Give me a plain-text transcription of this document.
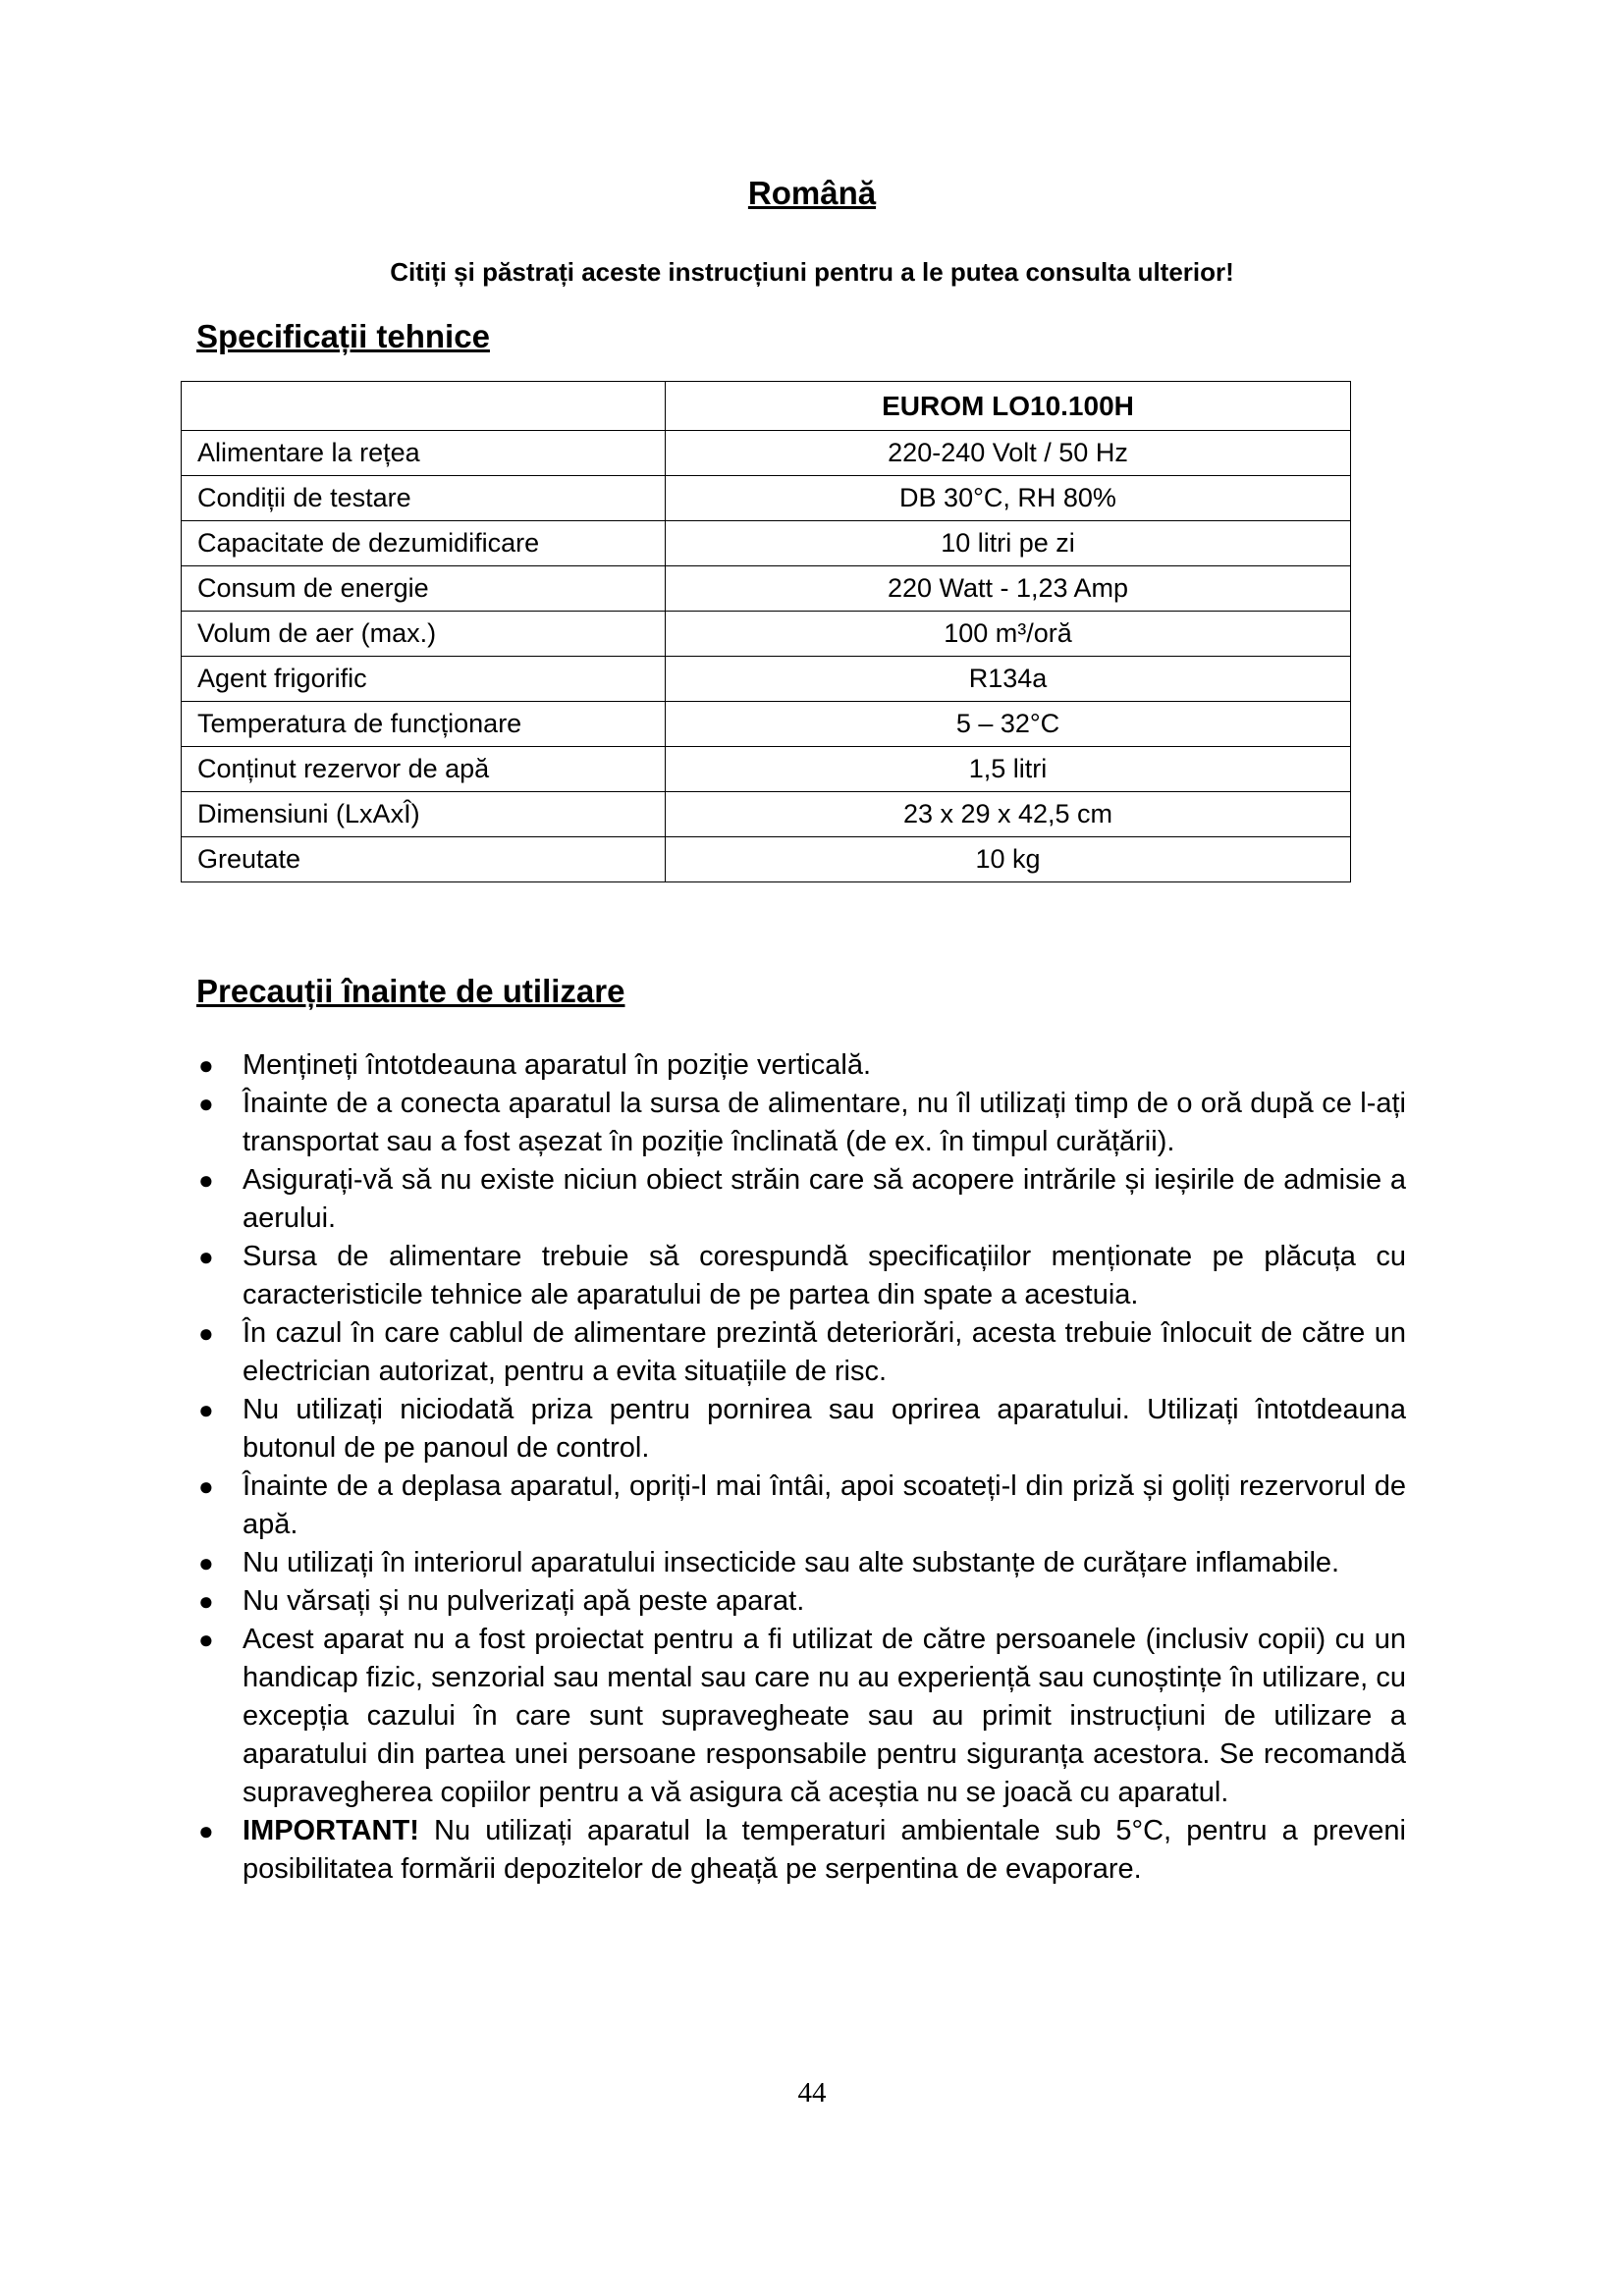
Română
Citiți și păstrați aceste instrucțiuni pentru a le putea consulta ulterior!
Specificații tehnice
	EUROM LO10.100H
Alimentare la rețea	220-240 Volt / 50 Hz
Condiții de testare	DB 30°C, RH 80%
Capacitate de dezumidificare	10 litri pe zi
Consum de energie	220 Watt - 1,23 Amp
Volum de aer (max.)	100 m³/oră
Agent frigorific	R134a
Temperatura de funcționare	5 – 32°C
Conținut rezervor de apă	1,5 litri
Dimensiuni (LxAxÎ)	23 x 29 x 42,5 cm
Greutate	10 kg
Precauții înainte de utilizare
● Mențineți întotdeauna aparatul în poziție verticală.
● Înainte de a conecta aparatul la sursa de alimentare, nu îl utilizați timp de o oră după ce l-ați transportat sau a fost așezat în poziție înclinată (de ex. în timpul curățării).
● Asigurați-vă să nu existe niciun obiect străin care să acopere intrările și ieșirile de admisie a aerului.
● Sursa de alimentare trebuie să corespundă specificațiilor menționate pe plăcuța cu caracteristicile tehnice ale aparatului de pe partea din spate a acestuia.
● În cazul în care cablul de alimentare prezintă deteriorări, acesta trebuie înlocuit de către un electrician autorizat, pentru a evita situațiile de risc.
● Nu utilizați niciodată priza pentru pornirea sau oprirea aparatului. Utilizați întotdeauna butonul de pe panoul de control.
● Înainte de a deplasa aparatul, opriți-l mai întâi, apoi scoateți-l din priză și goliți rezervorul de apă.
● Nu utilizați în interiorul aparatului insecticide sau alte substanțe de curățare inflamabile.
● Nu vărsați și nu pulverizați apă peste aparat.
● Acest aparat nu a fost proiectat pentru a fi utilizat de către persoanele (inclusiv copii) cu un handicap fizic, senzorial sau mental sau care nu au experiență sau cunoștințe în utilizare, cu excepția cazului în care sunt supravegheate sau au primit instrucțiuni de utilizare a aparatului din partea unei persoane responsabile pentru siguranța acestora. Se recomandă supravegherea copiilor pentru a vă asigura că aceștia nu se joacă cu aparatul.
● IMPORTANT! Nu utilizați aparatul la temperaturi ambientale sub 5°C, pentru a preveni posibilitatea formării depozitelor de gheață pe serpentina de evaporare.
44
